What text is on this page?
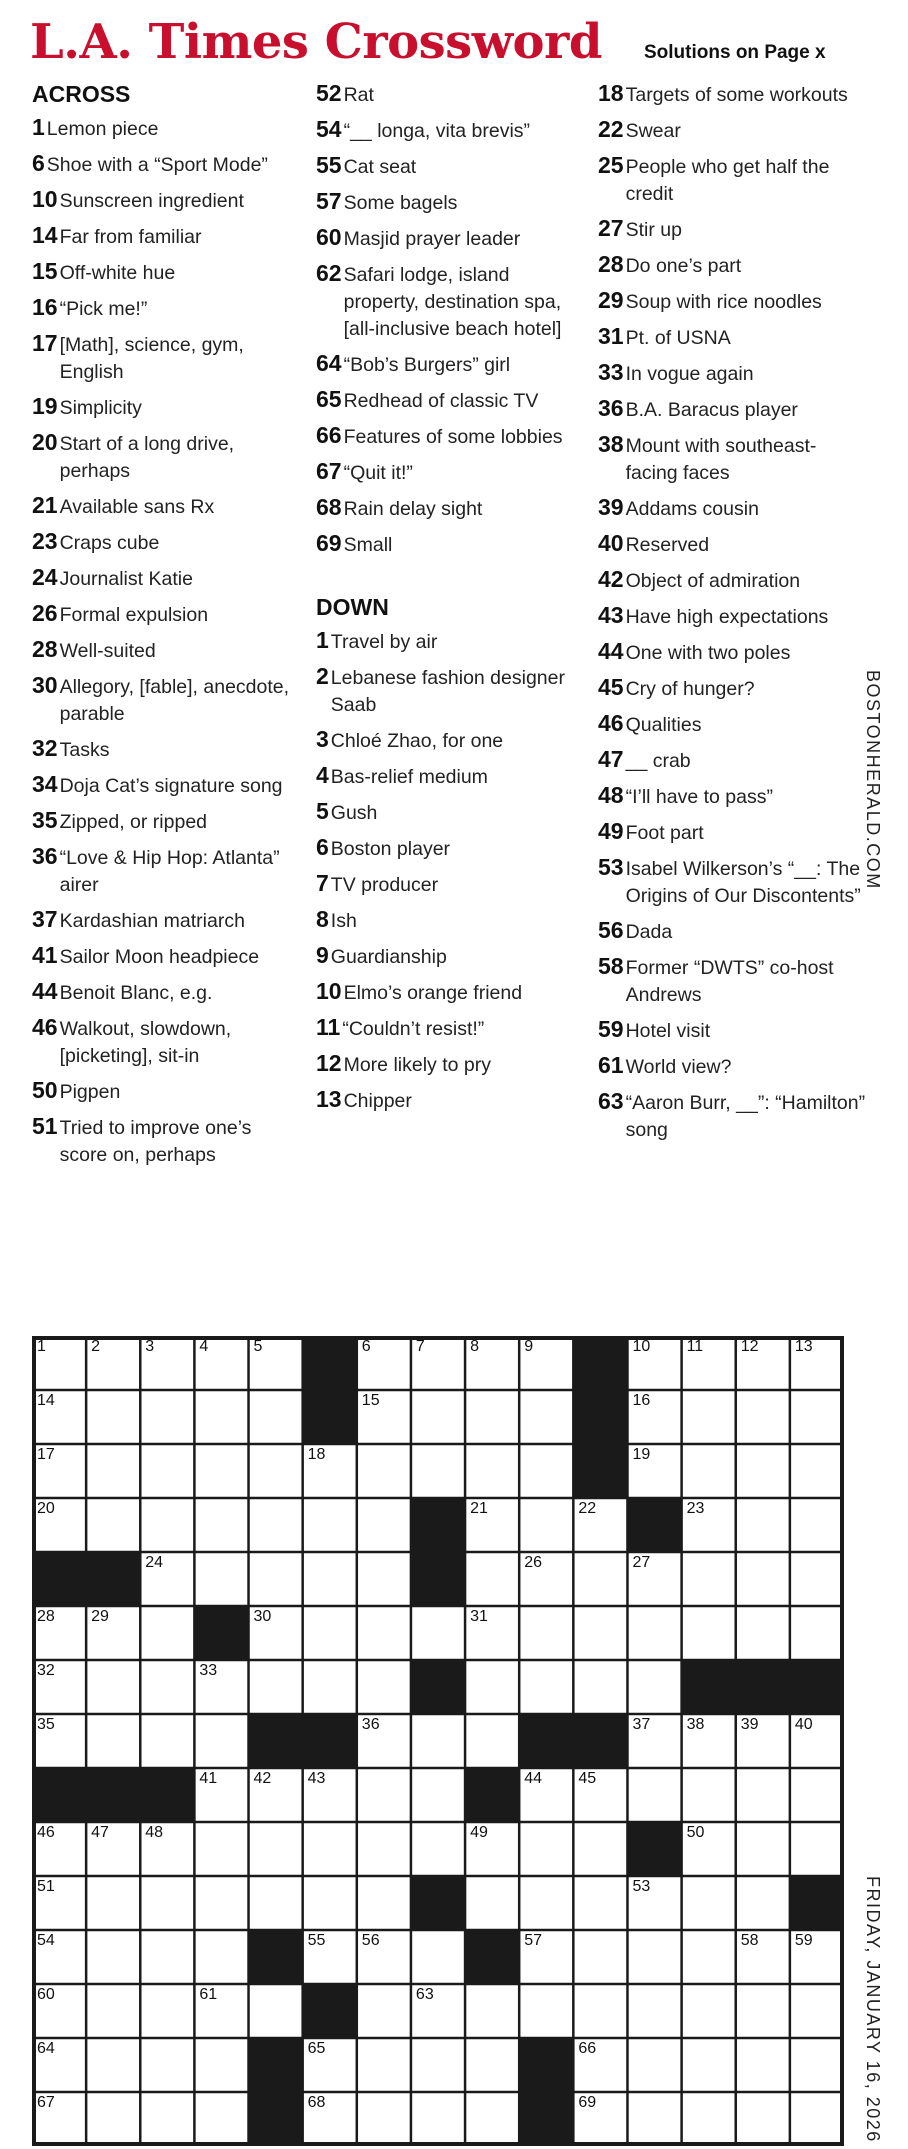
L.A. Times Crossword Solutions on Page x
ACROSS
1 Lemon piece
6 Shoe with a “Sport Mode”
10 Sunscreen ingredient
14 Far from familiar
15 Off-white hue
16 “Pick me!”
17 [Math], science, gym, English
19 Simplicity
20 Start of a long drive, perhaps
21 Available sans Rx
23 Craps cube
24 Journalist Katie
26 Formal expulsion
28 Well-suited
30 Allegory, [fable], anecdote, parable
32 Tasks
34 Doja Cat’s signature song
35 Zipped, or ripped
36 “Love & Hip Hop: Atlanta” airer
37 Kardashian matriarch
41 Sailor Moon headpiece
44 Benoit Blanc, e.g.
46 Walkout, slowdown, [picketing], sit-in
50 Pigpen
51 Tried to improve one’s score on, perhaps
52 Rat
54 “__ longa, vita brevis”
55 Cat seat
57 Some bagels
60 Masjid prayer leader
62 Safari lodge, island property, destination spa, [all-inclusive beach hotel]
64 “Bob’s Burgers” girl
65 Redhead of classic TV
66 Features of some lobbies
67 “Quit it!”
68 Rain delay sight
69 Small
DOWN
1 Travel by air
2 Lebanese fashion designer Saab
3 Chloé Zhao, for one
4 Bas-relief medium
5 Gush
6 Boston player
7 TV producer
8 Ish
9 Guardianship
10 Elmo’s orange friend
11 “Couldn’t resist!”
12 More likely to pry
13 Chipper
18 Targets of some workouts
22 Swear
25 People who get half the credit
27 Stir up
28 Do one’s part
29 Soup with rice noodles
31 Pt. of USNA
33 In vogue again
36 B.A. Baracus player
38 Mount with southeast-facing faces
39 Addams cousin
40 Reserved
42 Object of admiration
43 Have high expectations
44 One with two poles
45 Cry of hunger?
46 Qualities
47 __ crab
48 “I’ll have to pass”
49 Foot part
53 Isabel Wilkerson’s “__: The Origins of Our Discontents”
56 Dada
58 Former “DWTS” co-host Andrews
59 Hotel visit
61 World view?
63 “Aaron Burr, __”: “Hamilton” song
BOSTONHERALD.COM
FRIDAY, JANUARY 16, 2026
1	2	3	4	5	6	7	8	9	10 11 12 13
14	15	16
17	18	19
20	21	22	23
24	26	27
28 29	30	31
32	33
35	36	37 38 39 40
41 42 43	44 45
46 47 48	49	50
51	53
54	55 56	57	58 59
60	61	63
64	65	66
67	68	69
